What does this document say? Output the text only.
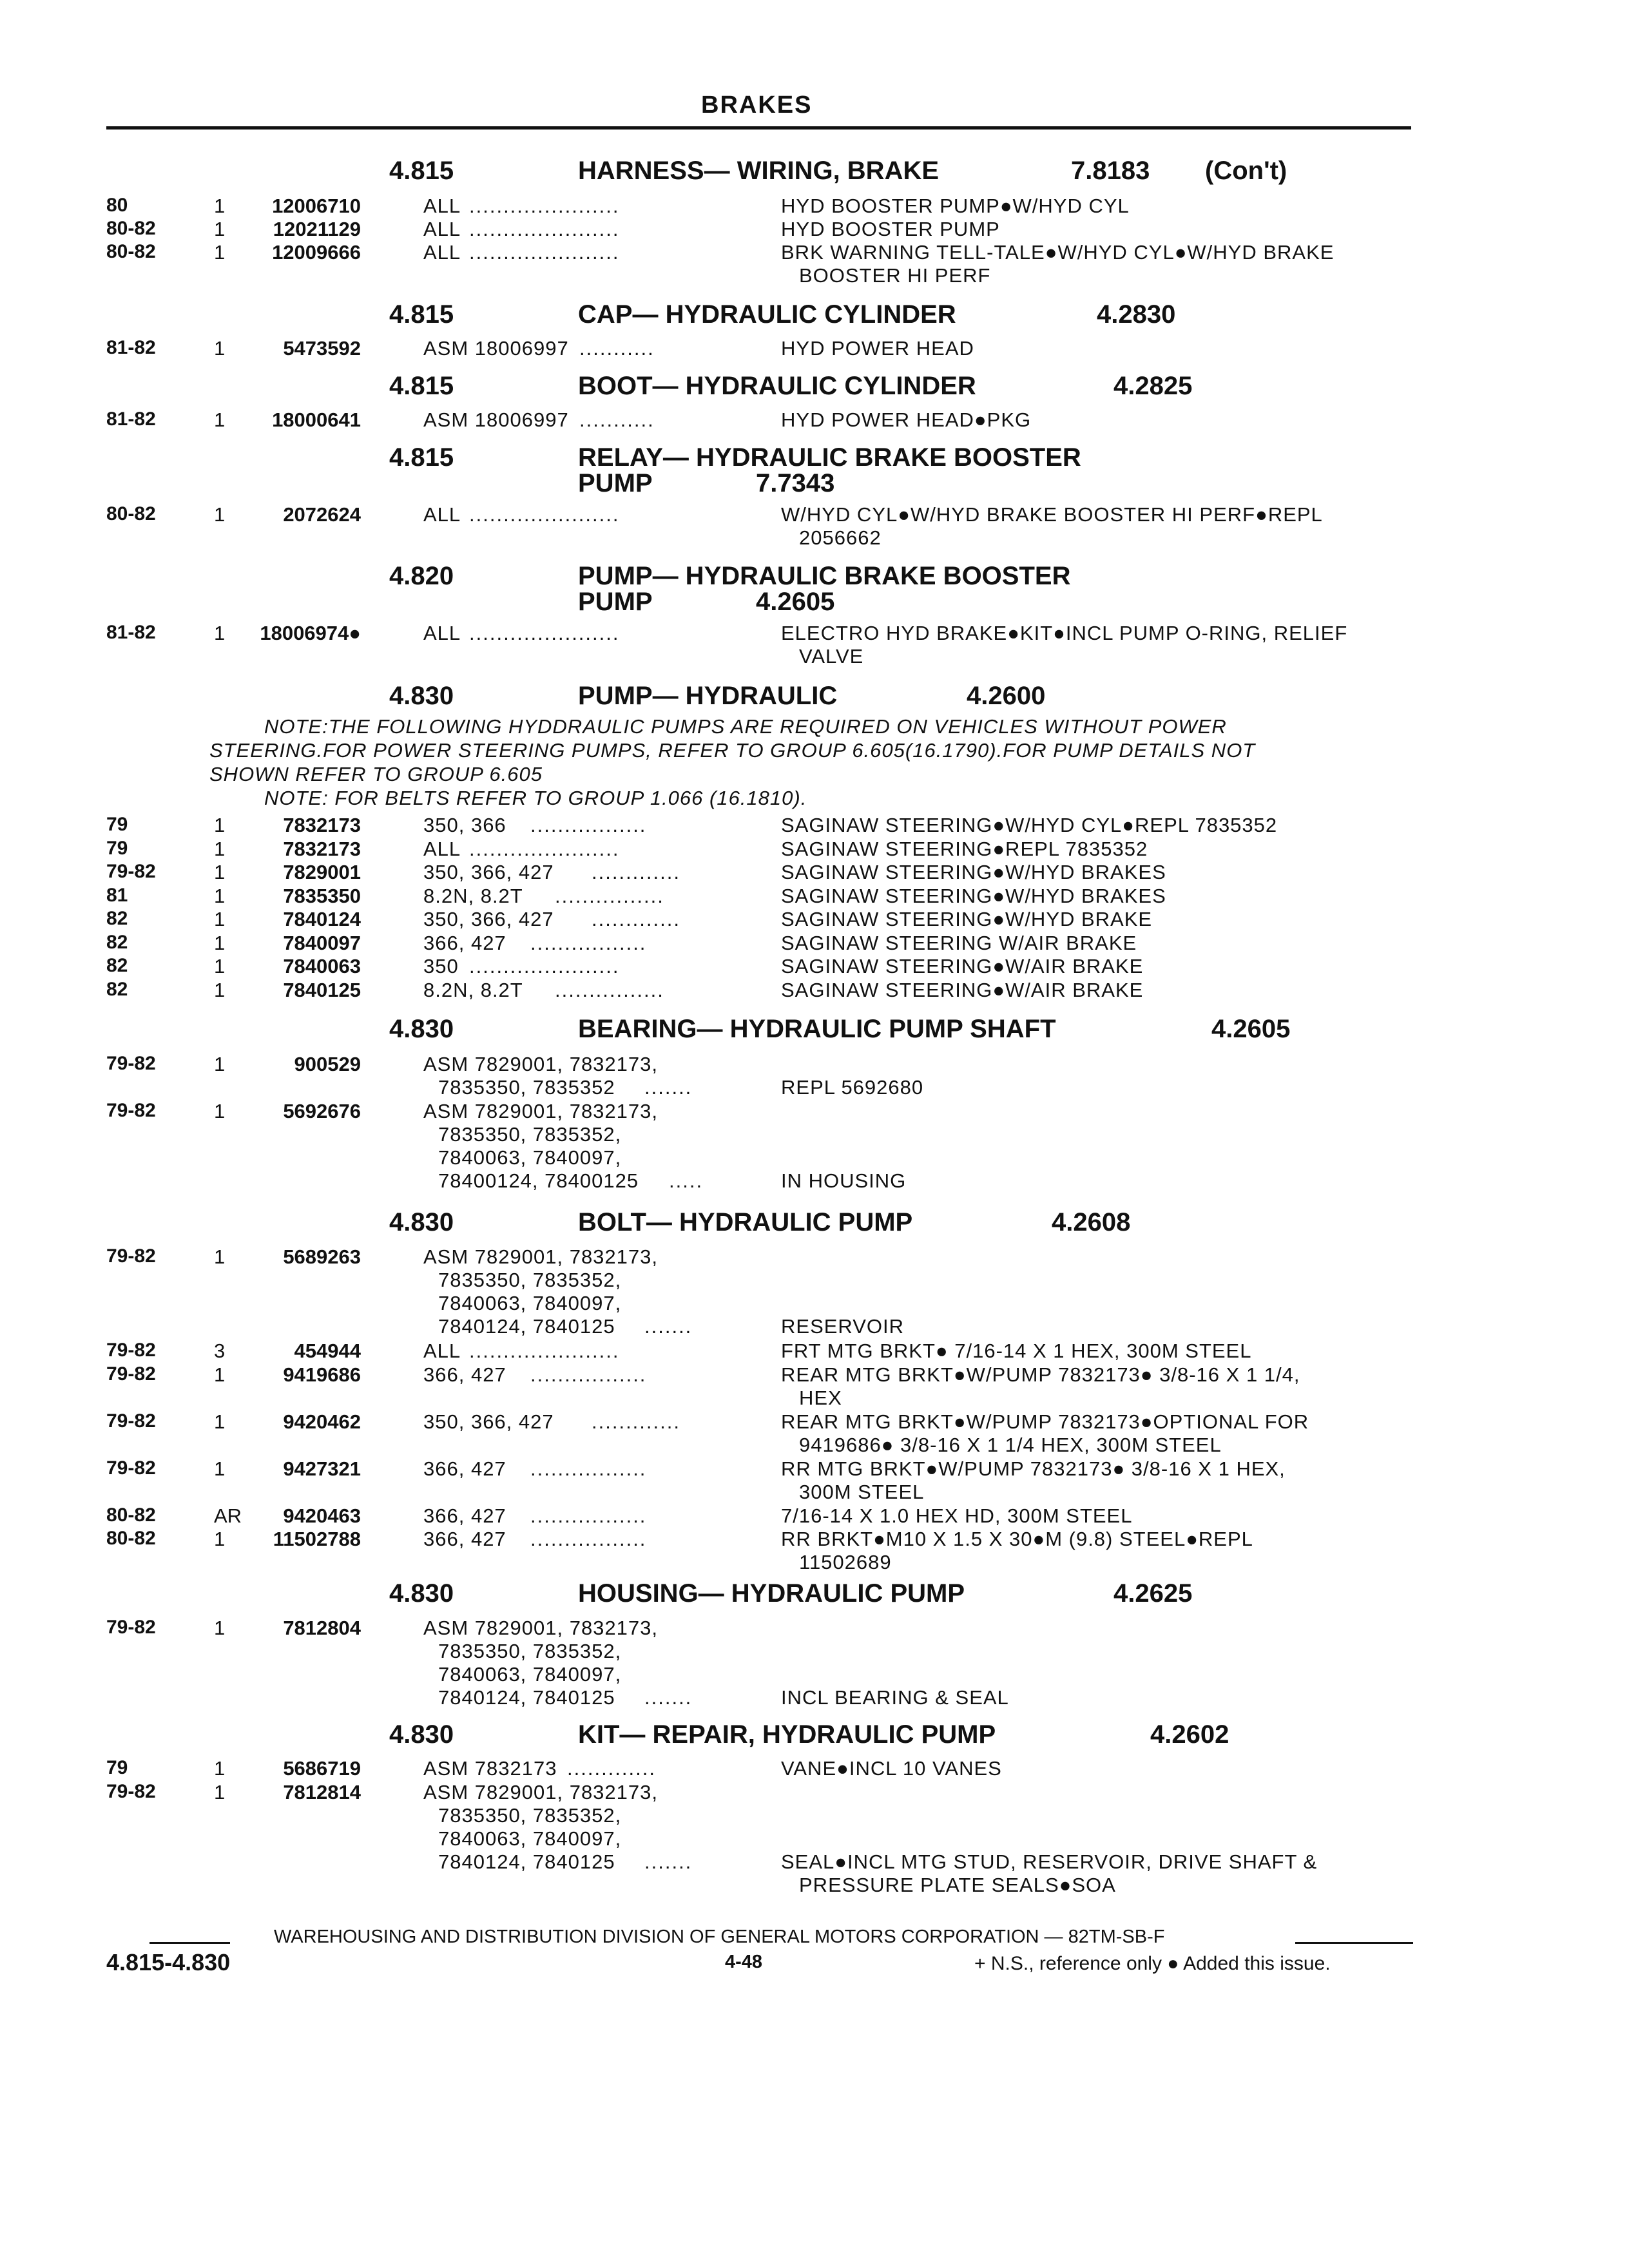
BRAKES
4.815	HARNESS— WIRING, BRAKE	7.8183 (Con't)
80	1	12006710	ALL ......................	HYD BOOSTER PUMP●W/HYD CYL
80-82	1	12021129	ALL ......................	HYD BOOSTER PUMP
80-82	1	12009666	ALL ......................	BRK WARNING TELL-TALE●W/HYD CYL●W/HYD BRAKE
BOOSTER HI PERF
4.815	CAP— HYDRAULIC CYLINDER	4.2830
81-82	1	5473592	ASM 18006997 ...........	HYD POWER HEAD
4.815	BOOT— HYDRAULIC CYLINDER	4.2825
81-82	1	18000641	ASM 18006997 ...........	HYD POWER HEAD●PKG
4.815	RELAY— HYDRAULIC BRAKE BOOSTER
PUMP	7.7343
80-82	1	2072624	ALL ......................	W/HYD CYL●W/HYD BRAKE BOOSTER HI PERF●REPL
2056662
4.820	PUMP— HYDRAULIC BRAKE BOOSTER
PUMP	4.2605
81-82	1	18006974●	ALL ......................	ELECTRO HYD BRAKE●KIT●INCL PUMP O-RING, RELIEF
VALVE
4.830	PUMP— HYDRAULIC	4.2600
NOTE:THE FOLLOWING HYDDRAULIC PUMPS ARE REQUIRED ON VEHICLES WITHOUT POWER
STEERING.FOR POWER STEERING PUMPS, REFER TO GROUP 6.605(16.1790).FOR PUMP DETAILS NOT
SHOWN REFER TO GROUP 6.605
NOTE: FOR BELTS REFER TO GROUP 1.066 (16.1810).
79	1	7832173	350, 366 .................	SAGINAW STEERING●W/HYD CYL●REPL 7835352
79	1	7832173	ALL ......................	SAGINAW STEERING●REPL 7835352
79-82	1	7829001	350, 366, 427 .............	SAGINAW STEERING●W/HYD BRAKES
81	1	7835350	8.2N, 8.2T ................	SAGINAW STEERING●W/HYD BRAKES
82	1	7840124	350, 366, 427 .............	SAGINAW STEERING●W/HYD BRAKE
82	1	7840097	366, 427 .................	SAGINAW STEERING W/AIR BRAKE
82	1	7840063	350 ......................	SAGINAW STEERING●W/AIR BRAKE
82	1	7840125	8.2N, 8.2T ................	SAGINAW STEERING●W/AIR BRAKE
4.830	BEARING— HYDRAULIC PUMP SHAFT	4.2605
79-82	1	900529	ASM 7829001, 7832173,
7835350, 7835352 .......	REPL 5692680
79-82	1	5692676	ASM 7829001, 7832173,
7835350, 7835352,
7840063, 7840097,
78400124, 78400125 .....	IN HOUSING
4.830	BOLT— HYDRAULIC PUMP	4.2608
79-82	1	5689263	ASM 7829001, 7832173,
7835350, 7835352,
7840063, 7840097,
7840124, 7840125 .......	RESERVOIR
79-82	3	454944	ALL ......................	FRT MTG BRKT● 7/16-14 X 1 HEX, 300M STEEL
79-82	1	9419686	366, 427 .................	REAR MTG BRKT●W/PUMP 7832173● 3/8-16 X 1 1/4,
HEX
79-82	1	9420462	350, 366, 427 .............	REAR MTG BRKT●W/PUMP 7832173●OPTIONAL FOR
9419686● 3/8-16 X 1 1/4 HEX, 300M STEEL
79-82	1	9427321	366, 427 .................	RR MTG BRKT●W/PUMP 7832173● 3/8-16 X 1 HEX,
300M STEEL
80-82	AR	9420463	366, 427 .................	7/16-14 X 1.0 HEX HD, 300M STEEL
80-82	1	11502788	366, 427 .................	RR BRKT●M10 X 1.5 X 30●M (9.8) STEEL●REPL
11502689
4.830	HOUSING— HYDRAULIC PUMP	4.2625
79-82	1	7812804	ASM 7829001, 7832173,
7835350, 7835352,
7840063, 7840097,
7840124, 7840125 .......	INCL BEARING & SEAL
4.830	KIT— REPAIR, HYDRAULIC PUMP	4.2602
79	1	5686719	ASM 7832173 .............	VANE●INCL 10 VANES
79-82	1	7812814	ASM 7829001, 7832173,
7835350, 7835352,
7840063, 7840097,
7840124, 7840125 .......	SEAL●INCL MTG STUD, RESERVOIR, DRIVE SHAFT &
PRESSURE PLATE SEALS●SOA
WAREHOUSING AND DISTRIBUTION DIVISION OF GENERAL MOTORS CORPORATION — 82TM-SB-F
4.815-4.830	4-48	+ N.S., reference only ● Added this issue.
